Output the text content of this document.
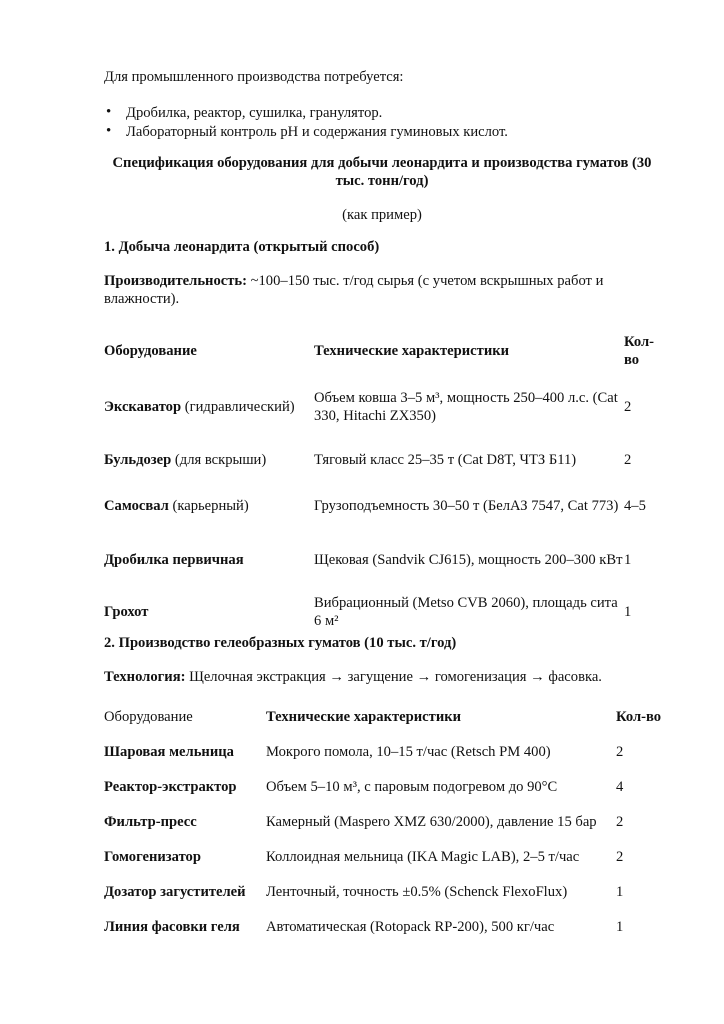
Для промышленного производства потребуется:

• Дробилка, реактор, сушилка, гранулятор.
• Лабораторный контроль pH и содержания гуминовых кислот.

Спецификация оборудования для добычи леонардита и производства гуматов (30 тыс. тонн/год)

(как пример)

1. Добыча леонардита (открытый способ)

Производительность: ~100–150 тыс. т/год сырья (с учетом вскрышных работ и влажности).

Оборудование	Технические характеристики	Кол-во
Экскаватор (гидравлический)	Объем ковша 3–5 м³, мощность 250–400 л.с. (Cat 330, Hitachi ZX350)	2
Бульдозер (для вскрыши)	Тяговый класс 25–35 т (Cat D8T, ЧТЗ Б11)	2
Самосвал (карьерный)	Грузоподъемность 30–50 т (БелАЗ 7547, Cat 773)	4–5
Дробилка первичная	Щековая (Sandvik CJ615), мощность 200–300 кВт	1
Грохот	Вибрационный (Metso CVB 2060), площадь сита 6 м²	1

2. Производство гелеобразных гуматов (10 тыс. т/год)

Технология: Щелочная экстракция → загущение → гомогенизация → фасовка.

Оборудование	Технические характеристики	Кол-во
Шаровая мельница	Мокрого помола, 10–15 т/час (Retsch PM 400)	2
Реактор-экстрактор	Объем 5–10 м³, с паровым подогревом до 90°C	4
Фильтр-пресс	Камерный (Maspero XMZ 630/2000), давление 15 бар	2
Гомогенизатор	Коллоидная мельница (IKA Magic LAB), 2–5 т/час	2
Дозатор загустителей	Ленточный, точность ±0.5% (Schenck FlexoFlux)	1
Линия фасовки геля	Автоматическая (Rotopack RP-200), 500 кг/час	1
